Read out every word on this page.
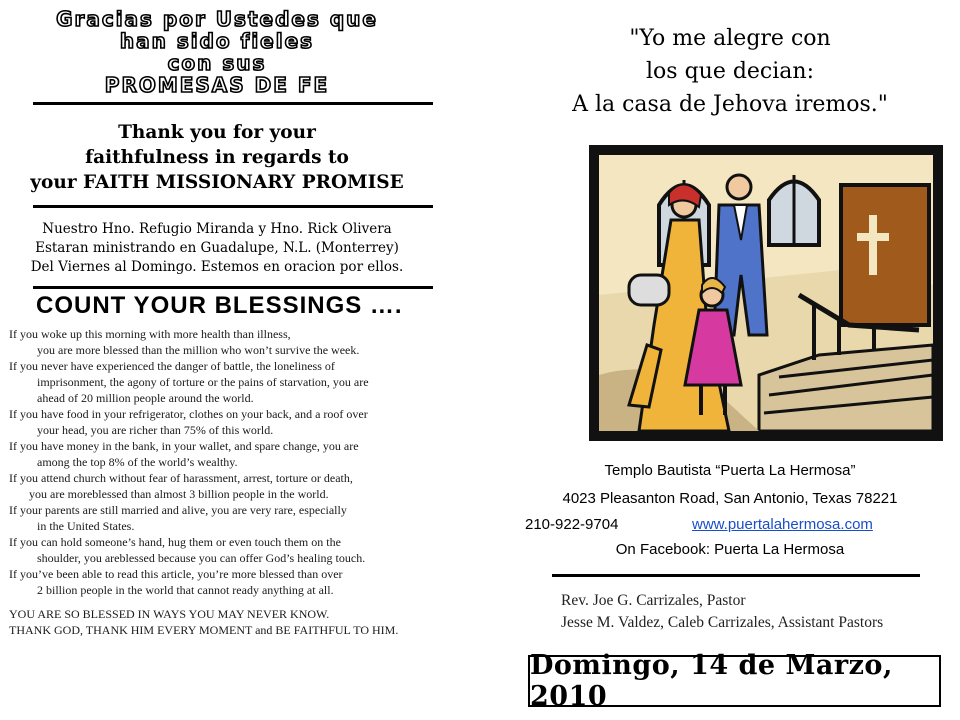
Gracias por Ustedes que
han sido fieles
con sus
PROMESAS DE FE
Thank you for your
faithfulness in regards to
your FAITH MISSIONARY PROMISE
Nuestro Hno. Refugio Miranda y Hno. Rick Olivera
Estaran ministrando en Guadalupe, N.L. (Monterrey)
Del Viernes al Domingo. Estemos en oracion por ellos.
COUNT YOUR BLESSINGS ….
If you woke up this morning with more health than illness,
you are more blessed than the million who won’t survive the week.
If you never have experienced the danger of battle, the loneliness of
imprisonment, the agony of torture or the pains of starvation, you are
ahead of 20 million people around the world.
If you have food in your refrigerator, clothes on your back, and a roof over
your head, you are richer than 75% of this world.
If you have money in the bank, in your wallet, and spare change, you are
among the top 8% of the world’s wealthy.
If you attend church without fear of harassment, arrest, torture or death,
you are moreblessed than almost 3 billion people in the world.
If your parents are still married and alive, you are very rare, especially
in the United States.
If you can hold someone’s hand, hug them or even touch them on the
shoulder, you areblessed because you can offer God’s healing touch.
If you’ve been able to read this article, you’re more blessed than over
2 billion people in the world that cannot ready anything at all.
YOU ARE SO BLESSED IN WAYS YOU MAY NEVER KNOW.
THANK GOD, THANK HIM EVERY MOMENT and BE FAITHFUL TO HIM.
"Yo me alegre con
los que decian:
A la casa de Jehova iremos."
Templo Bautista “Puerta La Hermosa”
4023 Pleasanton Road, San Antonio, Texas 78221
210-922-9704	www.puertalahermosa.com
On Facebook: Puerta La Hermosa
Rev. Joe G. Carrizales, Pastor
Jesse M. Valdez, Caleb Carrizales, Assistant Pastors
Domingo, 14 de Marzo, 2010
